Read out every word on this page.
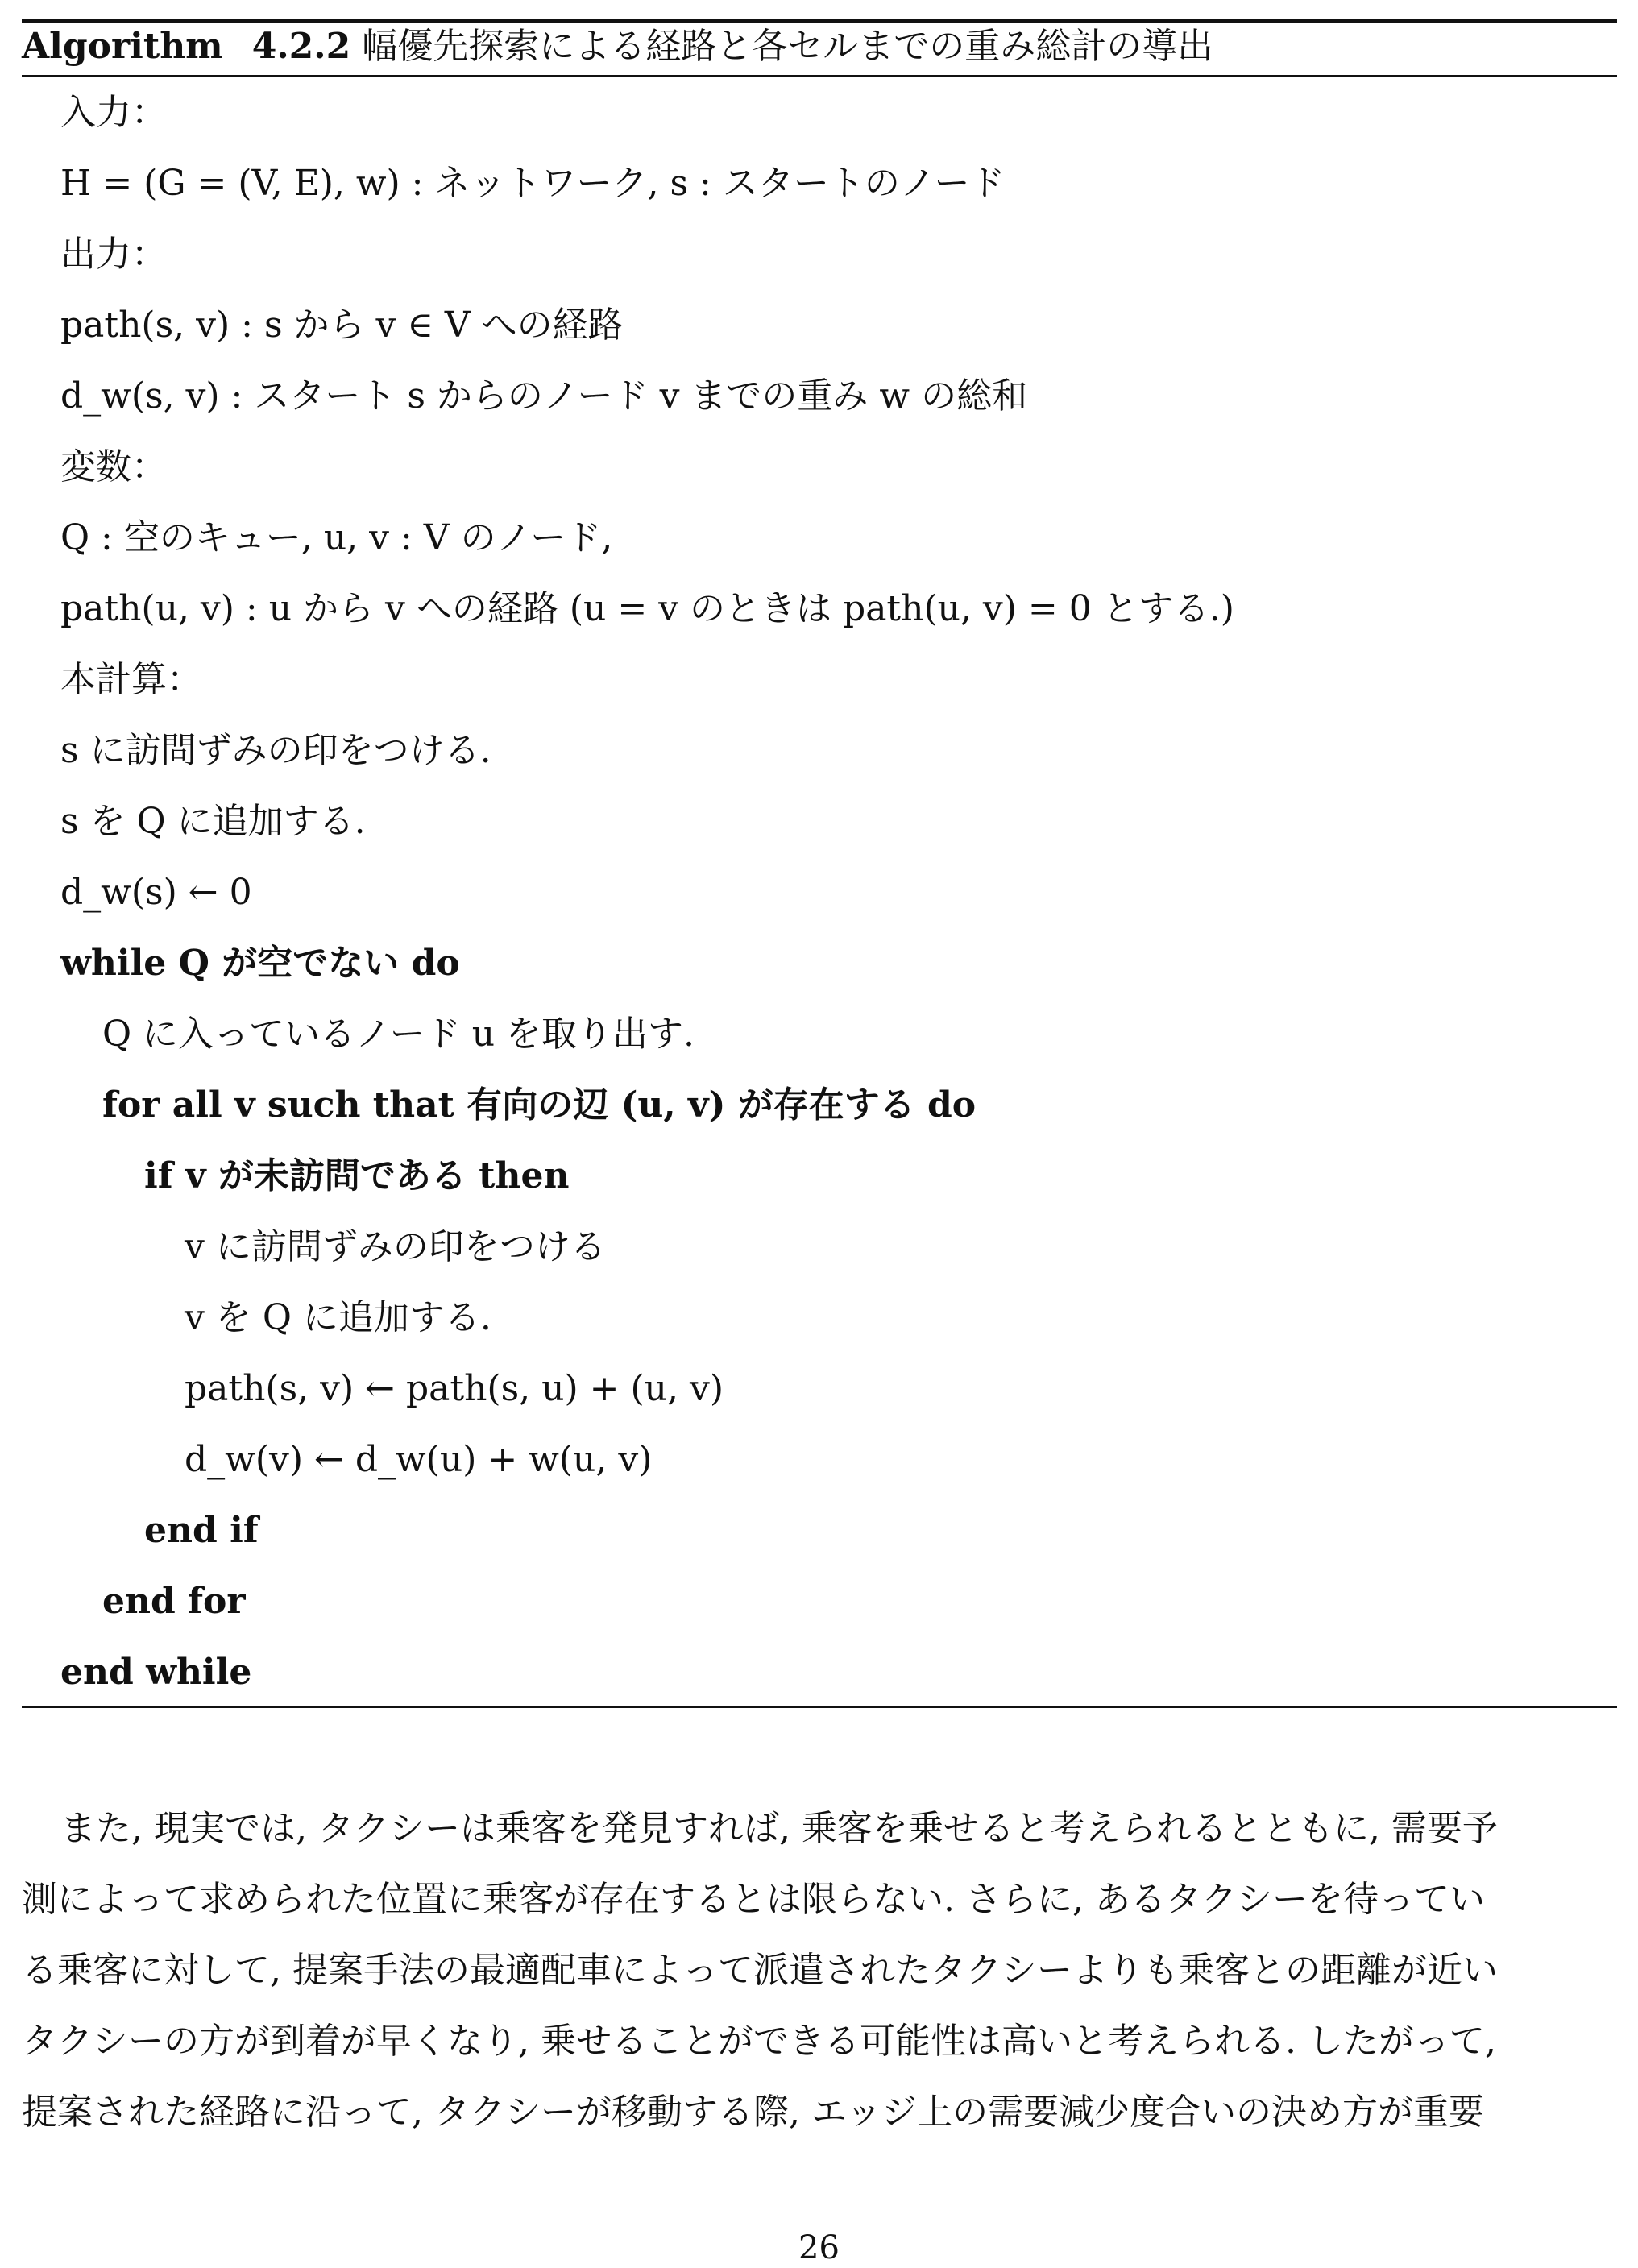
Algorithm 4.2.2 幅優先探索による経路と各セルまでの重み総計の導出
入力：
H = (G = (V, E), w) : ネットワーク, s : スタートのノード
出力：
path(s, v) : s から v ∈ V への経路
d_w(s, v) : スタート s からのノード v までの重み w の総和
変数：
Q : 空のキュー, u, v : V のノード,
path(u, v) : u から v への経路 (u = v のときは path(u, v) = 0 とする.)
本計算：
s に訪問ずみの印をつける.
s を Q に追加する.
d_w(s) ← 0
while Q が空でない do
Q に入っているノード u を取り出す.
for all v such that 有向の辺 (u, v) が存在する do
if v が未訪問である then
v に訪問ずみの印をつける
v を Q に追加する.
path(s, v) ← path(s, u) + (u, v)
d_w(v) ← d_w(u) + w(u, v)
end if
end for
end while
また, 現実では, タクシーは乗客を発見すれば, 乗客を乗せると考えられるとともに, 需要予
測によって求められた位置に乗客が存在するとは限らない. さらに, あるタクシーを待ってい
る乗客に対して, 提案手法の最適配車によって派遣されたタクシーよりも乗客との距離が近い
タクシーの方が到着が早くなり, 乗せることができる可能性は高いと考えられる. したがって,
提案された経路に沿って, タクシーが移動する際, エッジ上の需要減少度合いの決め方が重要
26
